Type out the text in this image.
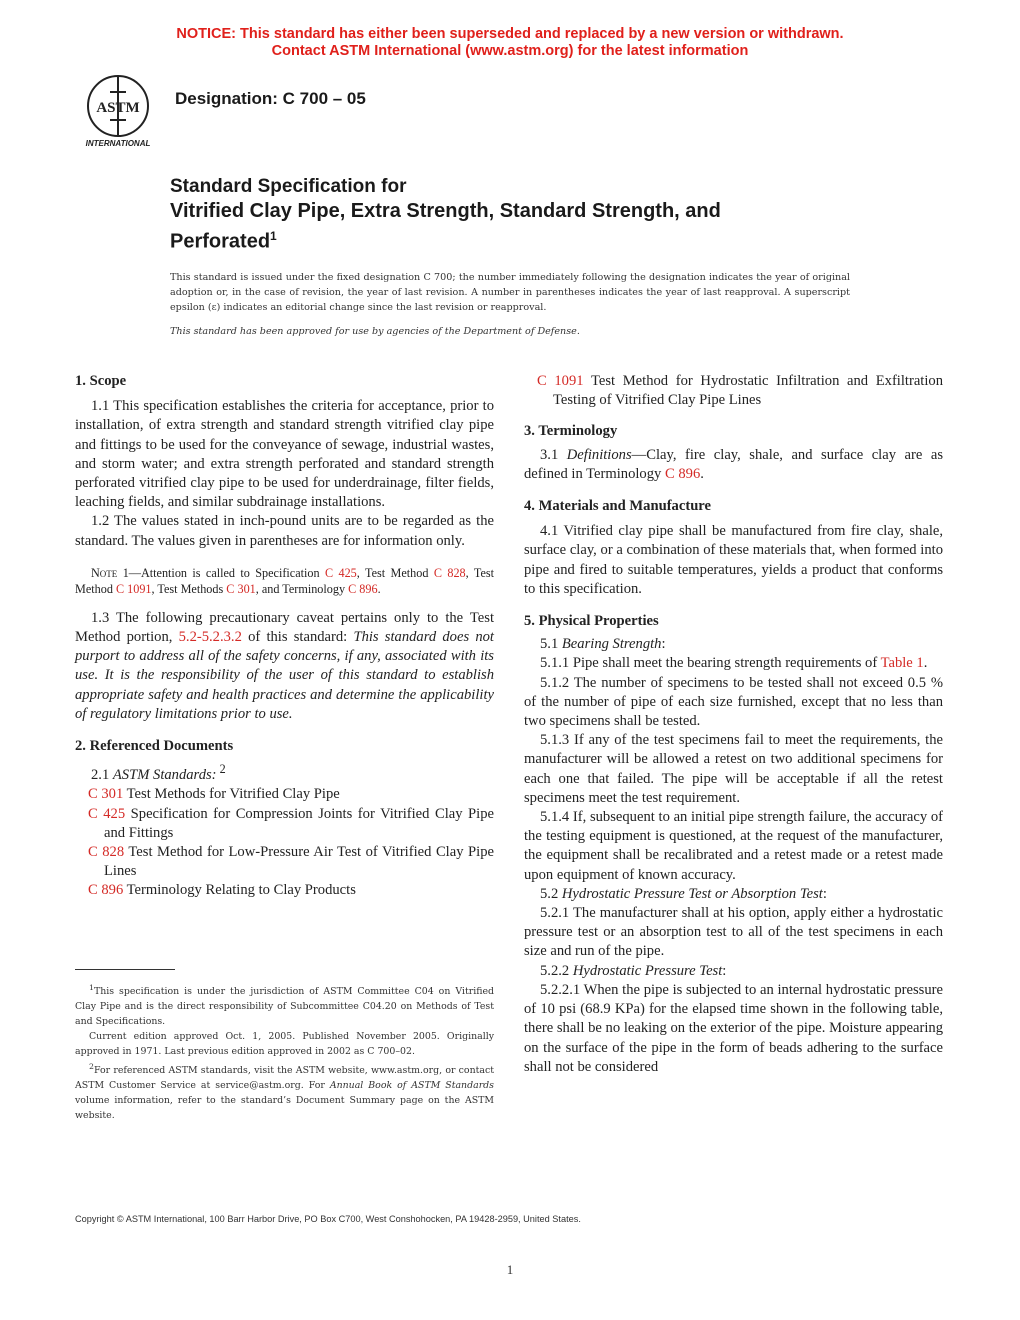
NOTICE: This standard has either been superseded and replaced by a new version or withdrawn.
Contact ASTM International (www.astm.org) for the latest information
ASTM
INTERNATIONAL
Designation: C 700 – 05
Standard Specification for
Vitrified Clay Pipe, Extra Strength, Standard Strength, and
Perforated$^1$
This standard is issued under the fixed designation C 700; the number immediately following the designation indicates the year of original adoption or, in the case of revision, the year of last revision. A number in parentheses indicates the year of last reapproval. A superscript epsilon (ε) indicates an editorial change since the last revision or reapproval.
This standard has been approved for use by agencies of the Department of Defense.

1. Scope

1.1 This specification establishes the criteria for acceptance, prior to installation, of extra strength and standard strength vitrified clay pipe and fittings to be used for the conveyance of sewage, industrial wastes, and storm water; and extra strength perforated and standard strength perforated vitrified clay pipe to be used for underdrainage, filter fields, leaching fields, and similar subdrainage installations.

1.2 The values stated in inch-pound units are to be regarded as the standard. The values given in parentheses are for information only.

Note 1—Attention is called to Specification C 425, Test Method C 828, Test Method C 1091, Test Methods C 301, and Terminology C 896.

1.3 The following precautionary caveat pertains only to the Test Method portion, 5.2-5.2.3.2 of this standard: This standard does not purport to address all of the safety concerns, if any, associated with its use. It is the responsibility of the user of this standard to establish appropriate safety and health practices and determine the applicability of regulatory limitations prior to use.

2. Referenced Documents

2.1 ASTM Standards: $^2$

C 301 Test Methods for Vitrified Clay Pipe

C 425 Specification for Compression Joints for Vitrified Clay Pipe and Fittings

C 828 Test Method for Low-Pressure Air Test of Vitrified Clay Pipe Lines

C 896 Terminology Relating to Clay Products

C 1091 Test Method for Hydrostatic Infiltration and Exfiltration Testing of Vitrified Clay Pipe Lines

3. Terminology

3.1 Definitions—Clay, fire clay, shale, and surface clay are as defined in Terminology C 896.

4. Materials and Manufacture

4.1 Vitrified clay pipe shall be manufactured from fire clay, shale, surface clay, or a combination of these materials that, when formed into pipe and fired to suitable temperatures, yields a product that conforms to this specification.

5. Physical Properties

5.1 Bearing Strength:

5.1.1 Pipe shall meet the bearing strength requirements of Table 1.

5.1.2 The number of specimens to be tested shall not exceed 0.5 % of the number of pipe of each size furnished, except that no less than two specimens shall be tested.

5.1.3 If any of the test specimens fail to meet the requirements, the manufacturer will be allowed a retest on two additional specimens for each one that failed. The pipe will be acceptable if all the retest specimens meet the test requirement.

5.1.4 If, subsequent to an initial pipe strength failure, the accuracy of the testing equipment is questioned, at the request of the manufacturer, the equipment shall be recalibrated and a retest made or a retest made upon equipment of known accuracy.

5.2 Hydrostatic Pressure Test or Absorption Test:

5.2.1 The manufacturer shall at his option, apply either a hydrostatic pressure test or an absorption test to all of the test specimens in each size and run of the pipe.

5.2.2 Hydrostatic Pressure Test:

5.2.2.1 When the pipe is subjected to an internal hydrostatic pressure of 10 psi (68.9 KPa) for the elapsed time shown in the following table, there shall be no leaking on the exterior of the pipe. Moisture appearing on the surface of the pipe in the form of beads adhering to the surface shall not be considered

$^1$This specification is under the jurisdiction of ASTM Committee C04 on Vitrified Clay Pipe and is the direct responsibility of Subcommittee C04.20 on Methods of Test and Specifications.

Current edition approved Oct. 1, 2005. Published November 2005. Originally approved in 1971. Last previous edition approved in 2002 as C 700–02.

$^2$For referenced ASTM standards, visit the ASTM website, www.astm.org, or contact ASTM Customer Service at service@astm.org. For Annual Book of ASTM Standards volume information, refer to the standard’s Document Summary page on the ASTM website.

Copyright © ASTM International, 100 Barr Harbor Drive, PO Box C700, West Conshohocken, PA 19428-2959, United States.
1
